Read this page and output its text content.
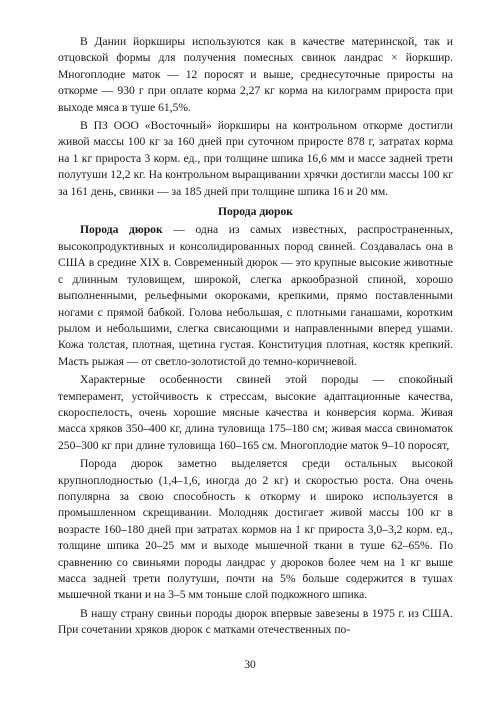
В Дании йоркширы используются как в качестве материнской, так и отцовской формы для получения помесных свинок ландрас × йоркшир. Многоплодие маток — 12 поросят и выше, среднесуточные приросты на откорме — 930 г при оплате корма 2,27 кг корма на килограмм прироста при выходе мяса в туше 61,5%.

В ПЗ ООО «Восточный» йоркширы на контрольном откорме достигли живой массы 100 кг за 160 дней при суточном приросте 878 г, затратах корма на 1 кг прироста 3 корм. ед., при толщине шпика 16,6 мм и массе задней трети полутуши 12,2 кг. На контрольном выращивании хрячки достигли массы 100 кг за 161 день, свинки — за 185 дней при толщине шпика 16 и 20 мм.

Порода дюрок

Порода дюрок — одна из самых известных, распространенных, высокопродуктивных и консолидированных пород свиней. Создавалась она в США в средине XIX в. Современный дюрок — это крупные высокие животные с длинным туловищем, широкой, слегка аркообразной спиной, хорошо выполненными, рельефными окороками, крепкими, прямо поставленными ногами с прямой бабкой. Голова небольшая, с плотными ганашами, коротким рылом и небольшими, слегка свисающими и направленными вперед ушами. Кожа толстая, плотная, щетина густая. Конституция плотная, костяк крепкий. Масть рыжая — от светло-золотистой до темно-коричневой.

Характерные особенности свиней этой породы — спокойный темперамент, устойчивость к стрессам, высокие адаптационные качества, скороспелость, очень хорошие мясные качества и конверсия корма. Живая масса хряков 350–400 кг, длина туловища 175–180 см; живая масса свиноматок 250–300 кг при длине туловища 160–165 см. Многоплодие маток 9–10 поросят,

Порода дюрок заметно выделяется среди остальных высокой крупноплодностью (1,4–1,6, иногда до 2 кг) и скоростью роста. Она очень популярна за свою способность к откорму и широко используется в промышленном скрещивании. Молодняк достигает живой массы 100 кг в возрасте 160–180 дней при затратах кормов на 1 кг прироста 3,0–3,2 корм. ед., толщине шпика 20–25 мм и выходе мышечной ткани в туше 62–65%. По сравнению со свиньями породы ландрас у дюроков более чем на 1 кг выше масса задней трети полутуши, почти на 5% больше содержится в тушах мышечной ткани и на 3–5 мм тоньше слой подкожного шпика.

В нашу страну свиньи породы дюрок впервые завезены в 1975 г. из США. При сочетании хряков дюрок с матками отечественных по-

30
